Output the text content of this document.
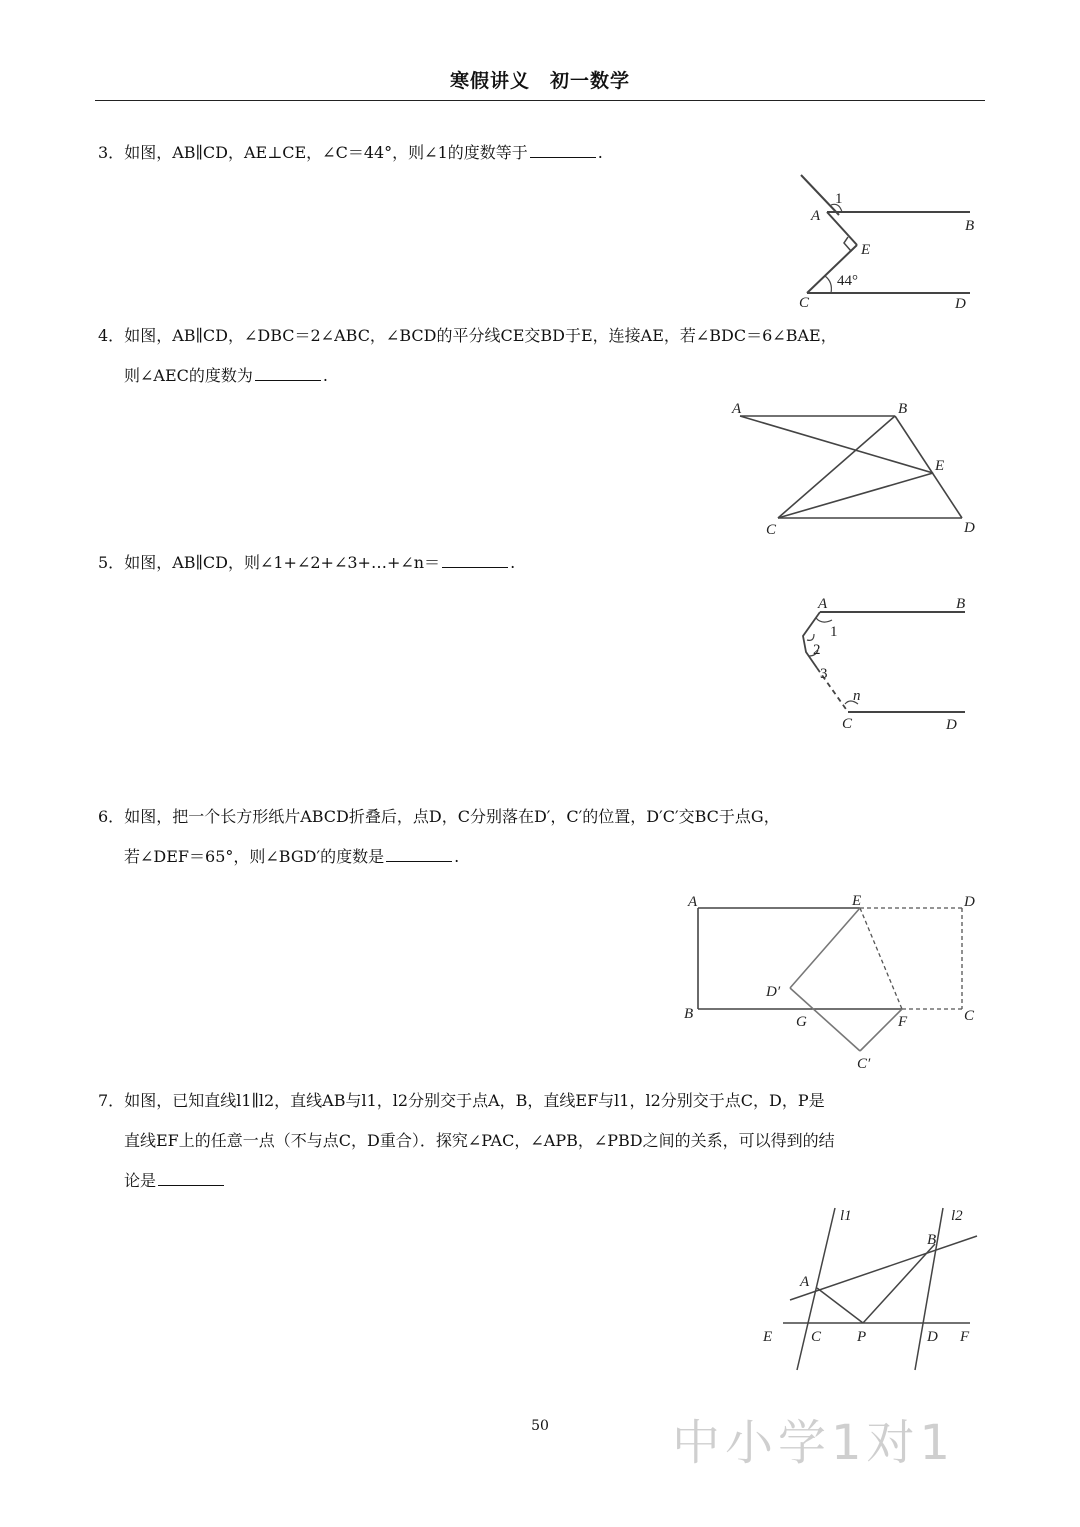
寒假讲义　初一数学

3．如图，AB∥CD，AE⊥CE，∠C＝44°，则∠1的度数等于	.

A
B
C	D
E
1
44°

4．如图，AB∥CD，∠DBC＝2∠ABC，∠BCD的平分线CE交BD于E，连接AE，若∠BDC＝6∠BAE，

则∠AEC的度数为	.

A	B
C	D
E

5．如图，AB∥CD，则∠1+∠2+∠3+…+∠n＝	.

A	B
C	D
1
2
3
n

6．如图，把一个长方形纸片ABCD折叠后，点D，C分别落在D′，C′的位置，D′C′交BC于点G，

若∠DEF＝65°，则∠BGD′的度数是	.

A
B	C
D
E
F
G
D′
C′

7．如图，已知直线l1∥l2，直线AB与l1，l2分别交于点A，B，直线EF与l1，l2分别交于点C，D，P是

直线EF上的任意一点（不与点C，D重合）．探究∠PAC，∠APB，∠PBD之间的关系，可以得到的结

论是

l1	l2
A
B
C	D
E	F
P
50	中小学1对1
